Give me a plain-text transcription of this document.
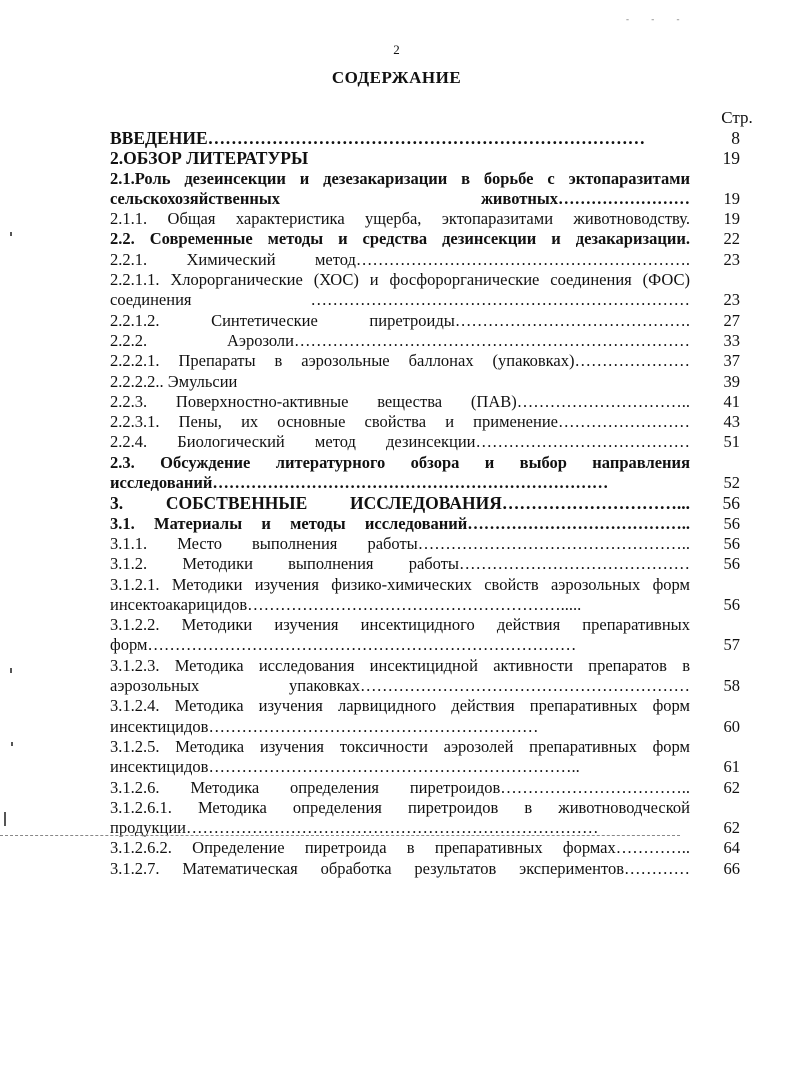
‑ ‑ ‑
2
СОДЕРЖАНИЕ
Стр.
ВВЕДЕНИЕ…………………………………………………………………	8
2.ОБЗОР ЛИТЕРАТУРЫ	19
2.1.Роль дезеинсекции и дезезакаризации в борьбе с эктопаразитами сельскохозяйственных животных……………………	19
2.1.1. Общая характеристика ущерба, эктопаразитами животноводству.	19
2.2. Современные методы и средства дезинсекции и дезакаризации.	22
2.2.1. Химический метод…………………………………………………….	23
2.2.1.1. Хлорорганические (ХОС) и фосфорорганические соединения (ФОС) соединения ……………………………………………………………	23
2.2.1.2. Синтетические пиретроиды…………………………………….	27
2.2.2. Аэрозоли………………………………………………………………	33
2.2.2.1. Препараты в аэрозольные баллонах (упаковках)…………………	37
2.2.2.2.. Эмульсии	39
2.2.3. Поверхностно-активные вещества (ПАВ)…………………………..	41
2.2.3.1. Пены, их основные свойства и применение……………………	43
2.2.4. Биологический метод дезинсекции…………………………………	51
2.3. Обсуждение литературного обзора и выбор направления исследований………………………………………………………………	52
3. СОБСТВЕННЫЕ ИССЛЕДОВАНИЯ…………………………...	56
3.1. Материалы и методы исследований…………………………………..	56
3.1.1. Место выполнения работы…………………………………………..	56
3.1.2. Методики выполнения работы……………………………………	56
3.1.2.1. Методики изучения физико-химических свойств аэрозольных форм инсектоакарицидов………………………………………………….....	56
3.1.2.2. Методики изучения инсектицидного действия препаративных форм……………………………………………………………………	57
3.1.2.3. Методика исследования инсектицидной активности препаратов в аэрозольных упаковках……………………………………………………	58
3.1.2.4. Методика изучения ларвицидного действия препаративных форм инсектицидов……………………………………………………	60
3.1.2.5. Методика изучения токсичности аэрозолей препаративных форм инсектицидов…………………………………………………………..	61
3.1.2.6. Методика определения пиретроидов……………………………..	62
3.1.2.6.1. Методика определения пиретроидов в животноводческой продукции…………………………………………………………………	62
3.1.2.6.2. Определение пиретроида в препаративных формах…………..	64
3.1.2.7. Математическая обработка результатов экспериментов…………	66
